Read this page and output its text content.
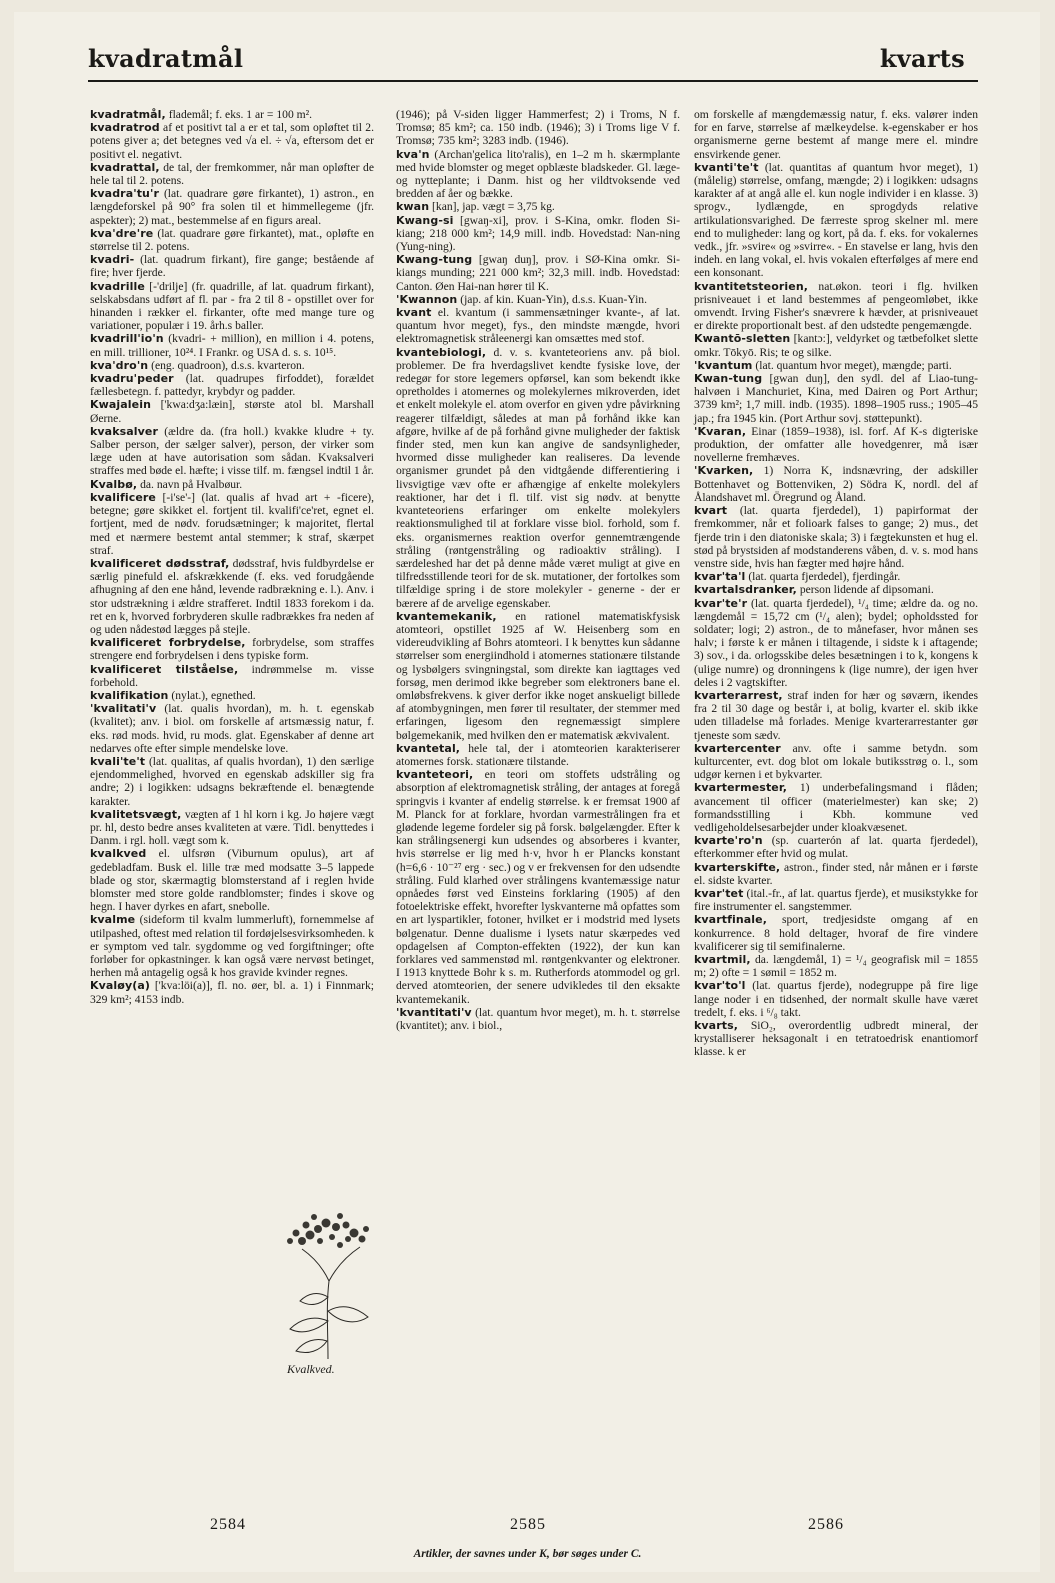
kvadratmål	kvarts

kvadratmål, flademål; f. eks. 1 ar = 100 m².

kvadratrod af et positivt tal a er et tal, som opløftet til 2. potens giver a; det betegnes ved √a el. ÷ √a, eftersom det er positivt el. negativt.

kvadrattal, de tal, der fremkommer, når man opløfter de hele tal til 2. potens.

kvadra'tu'r (lat. quadrare gøre firkantet), 1) astron., en længdeforskel på 90° fra solen til et himmellegeme (jfr. aspekter); 2) mat., bestemmelse af en figurs areal.

kva'dre're (lat. quadrare gøre firkantet), mat., opløfte en størrelse til 2. potens.

kvadri- (lat. quadrum firkant), fire gange; bestående af fire; hver fjerde.

kvadrille [-'drilje] (fr. quadrille, af lat. quadrum firkant), selskabsdans udført af fl. par - fra 2 til 8 - opstillet over for hinanden i rækker el. firkanter, ofte med mange ture og variationer, populær i 19. årh.s baller.

kvadrill'io'n (kvadri- + million), en million i 4. potens, en mill. trillioner, 10²⁴. I Frankr. og USA d. s. s. 10¹⁵.

kva'dro'n (eng. quadroon), d.s.s. kvarteron.

kvadru'peder (lat. quadrupes firfoddet), forældet fællesbetegn. f. pattedyr, krybdyr og padder.

Kwajalein ['kwa:dʒa:læin], største atol bl. Marshall Øerne.

kvaksalver (ældre da. (fra holl.) kvakke kludre + ty. Salber person, der sælger salver), person, der virker som læge uden at have autorisation som sådan. Kvaksalveri straffes med bøde el. hæfte; i visse tilf. m. fængsel indtil 1 år.

Kvalbø, da. navn på Hvalbøur.

kvalificere [-i'se'-] (lat. qualis af hvad art + -ficere), betegne; gøre skikket el. fortjent til. kvalifi'ce'ret, egnet el. fortjent, med de nødv. forudsætninger; k majoritet, flertal med et nærmere bestemt antal stemmer; k straf, skærpet straf.

kvalificeret dødsstraf, dødsstraf, hvis fuldbyrdelse er særlig pinefuld el. afskrækkende (f. eks. ved forudgående afhugning af den ene hånd, levende radbrækning e. l.). Anv. i stor udstrækning i ældre strafferet. Indtil 1833 forekom i da. ret en k, hvorved forbryderen skulle radbrækkes fra neden af og uden nådestød lægges på stejle.

kvalificeret forbrydelse, forbrydelse, som straffes strengere end forbrydelsen i dens typiske form.

kvalificeret tilståelse, indrømmelse m. visse forbehold.

kvalifikation (nylat.), egnethed.

'kvalitati'v (lat. qualis hvordan), m. h. t. egenskab (kvalitet); anv. i biol. om forskelle af artsmæssig natur, f. eks. rød mods. hvid, ru mods. glat. Egenskaber af denne art nedarves ofte efter simple mendelske love.

kvali'te't (lat. qualitas, af qualis hvordan), 1) den særlige ejendommelighed, hvorved en egenskab adskiller sig fra andre; 2) i logikken: udsagns bekræftende el. benægtende karakter.

kvalitetsvægt, vægten af 1 hl korn i kg. Jo højere vægt pr. hl, desto bedre anses kvaliteten at være. Tidl. benyttedes i Danm. i rgl. holl. vægt som k.

kvalkved el. ulfsrøn (Viburnum opulus), art af gedebladfam. Busk el. lille træ med modsatte 3–5 lappede blade og stor, skærmagtig blomsterstand af i reglen hvide blomster med store golde randblomster; findes i skove og hegn. I haver dyrkes en afart, snebolle.

kvalme (sideform til kvalm lummerluft), fornemmelse af utilpashed, oftest med relation til fordøjelsesvirksomheden. k er symptom ved talr. sygdomme og ved forgiftninger; ofte forløber for opkastninger. k kan også være nervøst betinget, herhen må antagelig også k hos gravide kvinder regnes.

Kvaløy(a) ['kva:löi(a)], fl. no. øer, bl. a. 1) i Finnmark; 329 km²; 4153 indb.

(1946); på V-siden ligger Hammerfest; 2) i Troms, N f. Tromsø; 85 km²; ca. 150 indb. (1946); 3) i Troms lige V f. Tromsø; 735 km²; 3283 indb. (1946).

kva'n (Archan'gelica lito'ralis), en 1–2 m h. skærmplante med hvide blomster og meget opblæste bladskeder. Gl. læge- og nytteplante; i Danm. hist og her vildtvoksende ved bredden af åer og bække.

kwan [kan], jap. vægt = 3,75 kg.

Kwang-si [gwaŋ-xi], prov. i S-Kina, omkr. floden Si-kiang; 218 000 km²; 14,9 mill. indb. Hovedstad: Nan-ning (Yung-ning).

Kwang-tung [gwaŋ duŋ], prov. i SØ-Kina omkr. Si-kiangs munding; 221 000 km²; 32,3 mill. indb. Hovedstad: Canton. Øen Hai-nan hører til K.

'Kwannon (jap. af kin. Kuan-Yin), d.s.s. Kuan-Yin.

kvant el. kvantum (i sammensætninger kvante-, af lat. quantum hvor meget), fys., den mindste mængde, hvori elektromagnetisk stråleenergi kan omsættes med stof.

kvantebiologi, d. v. s. kvanteteoriens anv. på biol. problemer. De fra hverdagslivet kendte fysiske love, der redegør for store legemers opførsel, kan som bekendt ikke opretholdes i atomernes og molekylernes mikroverden, idet et enkelt molekyle el. atom overfor en given ydre påvirkning reagerer tilfældigt, således at man på forhånd ikke kan afgøre, hvilke af de på forhånd givne muligheder der faktisk finder sted, men kun kan angive de sandsynligheder, hvormed disse muligheder kan realiseres. Da levende organismer grundet på den vidtgående differentiering i livsvigtige væv ofte er afhængige af enkelte molekylers reaktioner, har det i fl. tilf. vist sig nødv. at benytte kvanteteoriens erfaringer om enkelte molekylers reaktionsmulighed til at forklare visse biol. forhold, som f. eks. organismernes reaktion overfor gennemtrængende stråling (røntgenstråling og radioaktiv stråling). I særdeleshed har det på denne måde været muligt at give en tilfredsstillende teori for de sk. mutationer, der fortolkes som tilfældige spring i de store molekyler - generne - der er bærere af de arvelige egenskaber.

kvantemekanik, en rationel matematiskfysisk atomteori, opstillet 1925 af W. Heisenberg som en videreudvikling af Bohrs atomteori. I k benyttes kun sådanne størrelser som energiindhold i atomernes stationære tilstande og lysbølgers svingningstal, som direkte kan iagttages ved forsøg, men derimod ikke begreber som elektroners bane el. omløbsfrekvens. k giver derfor ikke noget anskueligt billede af atombygningen, men fører til resultater, der stemmer med erfaringen, ligesom den regnemæssigt simplere bølgemekanik, med hvilken den er matematisk ækvivalent.

kvantetal, hele tal, der i atomteorien karakteriserer atomernes forsk. stationære tilstande.

kvanteteori, en teori om stoffets udstråling og absorption af elektromagnetisk stråling, der antages at foregå springvis i kvanter af endelig størrelse. k er fremsat 1900 af M. Planck for at forklare, hvordan varmestrålingen fra et glødende legeme fordeler sig på forsk. bølgelængder. Efter k kan strålingsenergi kun udsendes og absorberes i kvanter, hvis størrelse er lig med h·v, hvor h er Plancks konstant (h=6,6 · 10⁻²⁷ erg · sec.) og v er frekvensen for den udsendte stråling. Fuld klarhed over strålingens kvantemæssige natur opnåedes først ved Einsteins forklaring (1905) af den fotoelektriske effekt, hvorefter lyskvanterne må opfattes som en art lyspartikler, fotoner, hvilket er i modstrid med lysets bølgenatur. Denne dualisme i lysets natur skærpedes ved opdagelsen af Compton-effekten (1922), der kun kan forklares ved sammenstød ml. røntgenkvanter og elektroner. I 1913 knyttede Bohr k s. m. Rutherfords atommodel og grl. derved atomteorien, der senere udvikledes til den eksakte kvantemekanik.

'kvantitati'v (lat. quantum hvor meget), m. h. t. størrelse (kvantitet); anv. i biol.,

om forskelle af mængdemæssig natur, f. eks. valører inden for en farve, størrelse af mælkeydelse. k-egenskaber er hos organismerne gerne bestemt af mange mere el. mindre ensvirkende gener.

kvanti'te't (lat. quantitas af quantum hvor meget), 1) (målelig) størrelse, omfang, mængde; 2) i logikken: udsagns karakter af at angå alle el. kun nogle individer i en klasse. 3) sprogv., lydlængde, en sprogdyds relative artikulationsvarighed. De færreste sprog skelner ml. mere end to muligheder: lang og kort, på da. f. eks. for vokalernes vedk., jfr. »svire« og »svirre«. - En stavelse er lang, hvis den indeh. en lang vokal, el. hvis vokalen efterfølges af mere end een konsonant.

kvantitetsteorien, nat.økon. teori i flg. hvilken prisniveauet i et land bestemmes af pengeomløbet, ikke omvendt. Irving Fisher's snævrere k hævder, at prisniveauet er direkte proportionalt best. af den udstedte pengemængde.

Kwantō-sletten [kantɔ:], veldyrket og tætbefolket slette omkr. Tōkyō. Ris; te og silke.

'kvantum (lat. quantum hvor meget), mængde; parti.

Kwan-tung [gwan duŋ], den sydl. del af Liao-tung-halvøen i Manchuriet, Kina, med Dairen og Port Arthur; 3739 km²; 1,7 mill. indb. (1935). 1898–1905 russ.; 1905–45 jap.; fra 1945 kin. (Port Arthur sovj. støttepunkt).

'Kvaran, Einar (1859–1938), isl. forf. Af K-s digteriske produktion, der omfatter alle hovedgenrer, må især novellerne fremhæves.

'Kvarken, 1) Norra K, indsnævring, der adskiller Bottenhavet og Bottenviken, 2) Södra K, nordl. del af Ålandshavet ml. Öregrund og Åland.

kvart (lat. quarta fjerdedel), 1) papirformat der fremkommer, når et folioark falses to gange; 2) mus., det fjerde trin i den diatoniske skala; 3) i fægtekunsten et hug el. stød på brystsiden af modstanderens våben, d. v. s. mod hans venstre side, hvis han fægter med højre hånd.

kvar'ta'l (lat. quarta fjerdedel), fjerdingår.

kvartalsdranker, person lidende af dipsomani.

kvar'te'r (lat. quarta fjerdedel), ¹/₄ time; ældre da. og no. længdemål = 15,72 cm (¹/₄ alen); bydel; opholdssted for soldater; logi; 2) astron., de to månefaser, hvor månen ses halv; i første k er månen i tiltagende, i sidste k i aftagende; 3) sov., i da. orlogsskibe deles besætningen i to k, kongens k (ulige numre) og dronningens k (lige numre), der igen hver deles i 2 vagtskifter.

kvarterarrest, straf inden for hær og søværn, ikendes fra 2 til 30 dage og består i, at bolig, kvarter el. skib ikke uden tilladelse må forlades. Menige kvarterarrestanter gør tjeneste som sædv.

kvartercenter anv. ofte i samme betydn. som kulturcenter, evt. dog blot om lokale butiksstrøg o. l., som udgør kernen i et bykvarter.

kvartermester, 1) underbefalingsmand i flåden; avancement til officer (materielmester) kan ske; 2) formandsstilling i Kbh. kommune ved vedligeholdelsesarbejder under kloakvæsenet.

kvarte'ro'n (sp. cuarterón af lat. quarta fjerdedel), efterkommer efter hvid og mulat.

kvarterskifte, astron., finder sted, når månen er i første el. sidste kvarter.

kvar'tet (ital.-fr., af lat. quartus fjerde), et musikstykke for fire instrumenter el. sangstemmer.

kvartfinale, sport, tredjesidste omgang af en konkurrence. 8 hold deltager, hvoraf de fire vindere kvalificerer sig til semifinalerne.

kvartmil, da. længdemål, 1) = ¹/₄ geografisk mil = 1855 m; 2) ofte = 1 sømil = 1852 m.

kvar'to'l (lat. quartus fjerde), nodegruppe på fire lige lange noder i en tidsenhed, der normalt skulle have været tredelt, f. eks. i ⁶/₈ takt.

kvarts, SiO₂, overordentlig udbredt mineral, der krystalliserer heksagonalt i en tetratoedrisk enantiomorf klasse. k er

Kvalkved.
2584	2585	2586
Artikler, der savnes under K, bør søges under C.
